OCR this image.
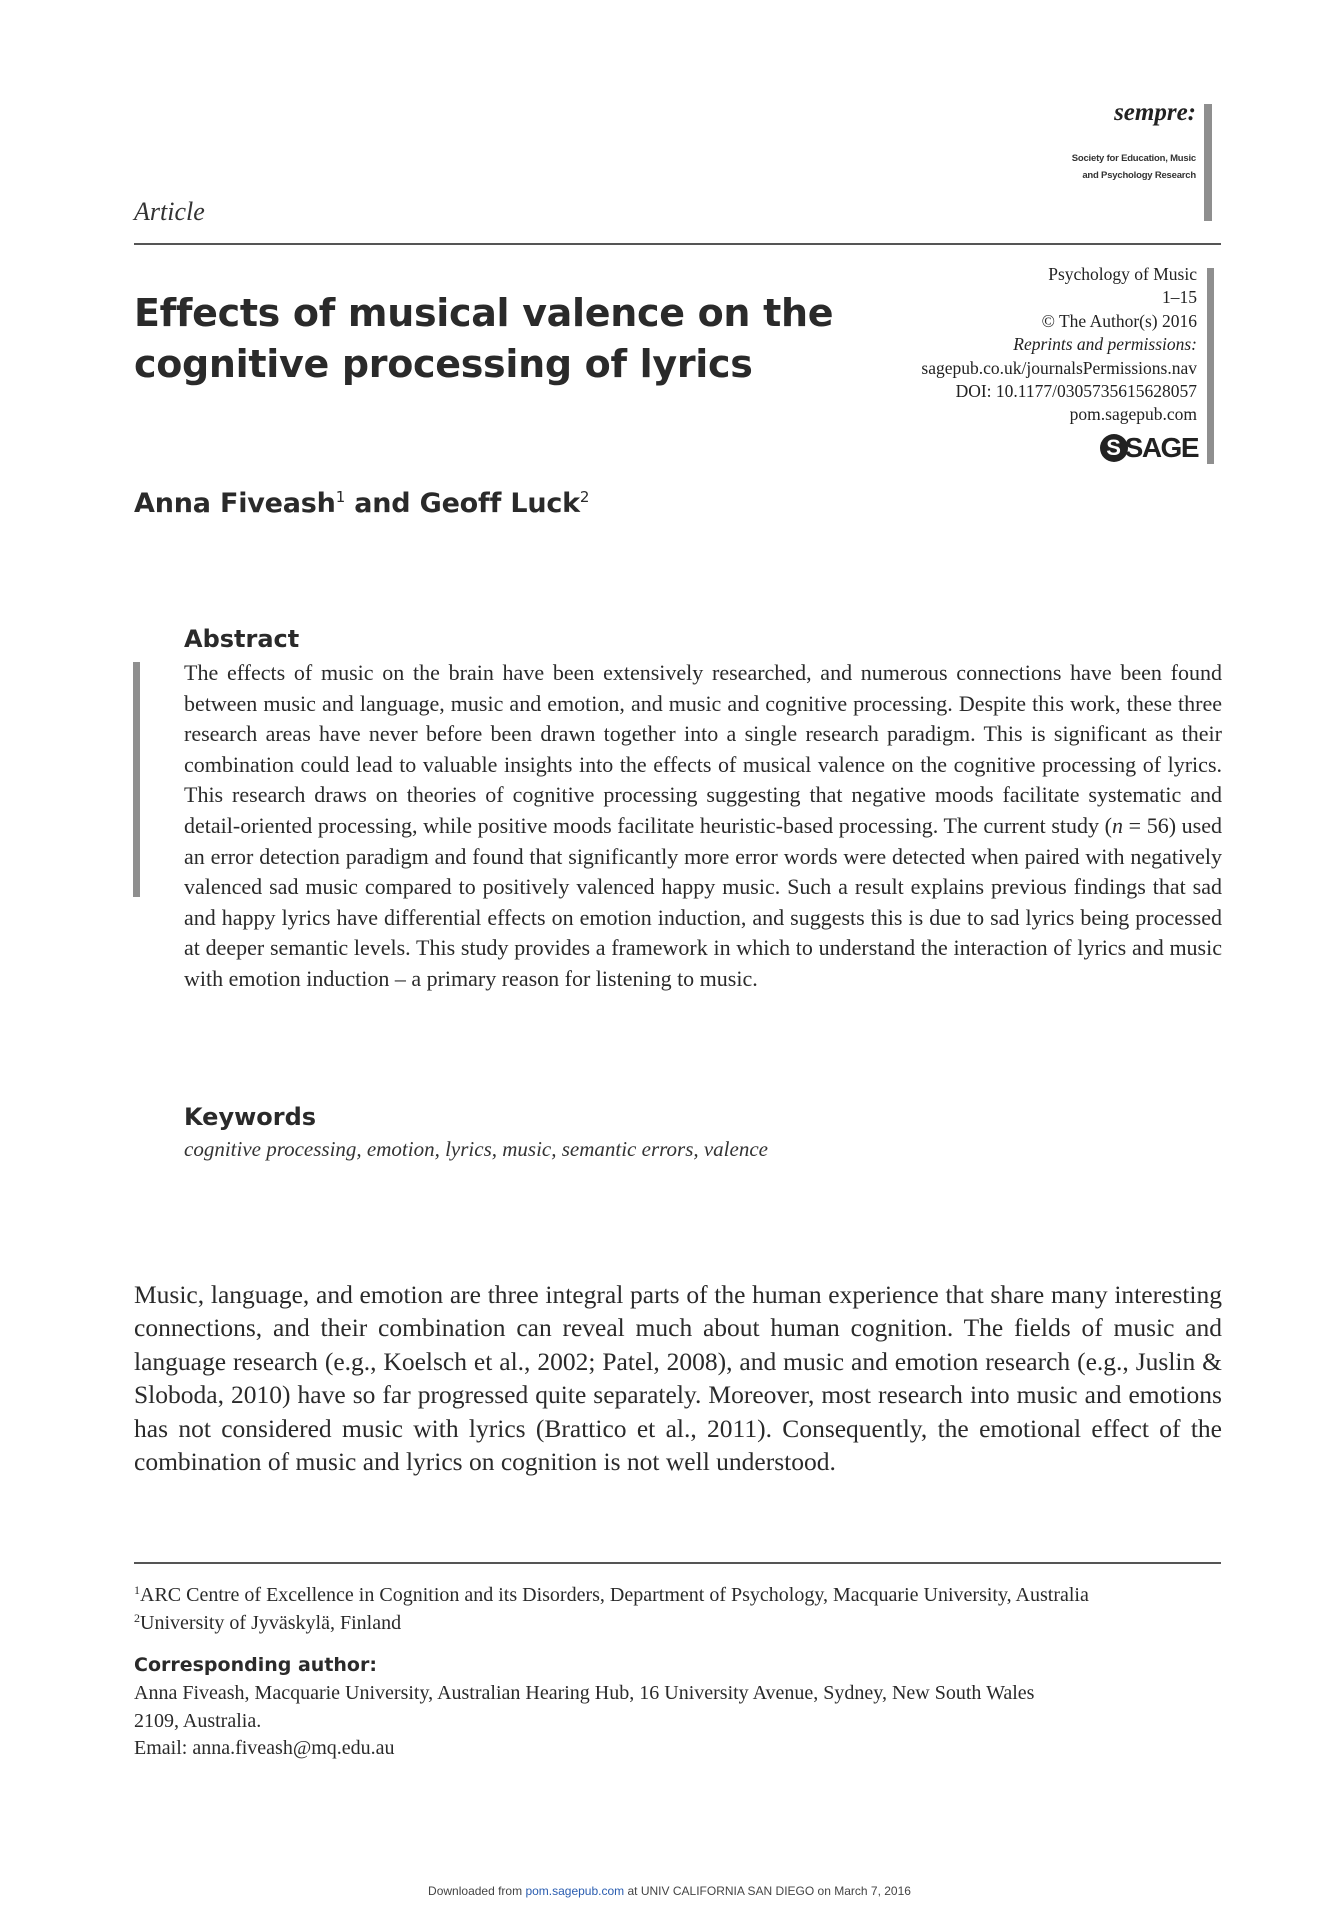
sempre:
Society for Education, Music
and Psychology Research
Article
Effects of musical valence on the
cognitive processing of lyrics
Psychology of Music
1–15
© The Author(s) 2016
Reprints and permissions:
sagepub.co.uk/journalsPermissions.nav
DOI: 10.1177/0305735615628057
pom.sagepub.com
S SAGE
Anna Fiveash$^1$ and Geoff Luck$^2$
Abstract
The effects of music on the brain have been extensively researched, and numerous connections have been found between music and language, music and emotion, and music and cognitive processing. Despite this work, these three research areas have never before been drawn together into a single research paradigm. This is significant as their combination could lead to valuable insights into the effects of musical valence on the cognitive processing of lyrics. This research draws on theories of cognitive processing suggesting that negative moods facilitate systematic and detail-oriented processing, while positive moods facilitate heuristic-based processing. The current study (n = 56) used an error detection paradigm and found that significantly more error words were detected when paired with negatively valenced sad music compared to positively valenced happy music. Such a result explains previous findings that sad and happy lyrics have differential effects on emotion induction, and suggests this is due to sad lyrics being processed at deeper semantic levels. This study provides a framework in which to understand the interaction of lyrics and music with emotion induction – a primary reason for listening to music.
Keywords
cognitive processing, emotion, lyrics, music, semantic errors, valence
Music, language, and emotion are three integral parts of the human experience that share many interesting connections, and their combination can reveal much about human cognition. The fields of music and language research (e.g., Koelsch et al., 2002; Patel, 2008), and music and emotion research (e.g., Juslin & Sloboda, 2010) have so far progressed quite separately. Moreover, most research into music and emotions has not considered music with lyrics (Brattico et al., 2011). Consequently, the emotional effect of the combination of music and lyrics on cognition is not well understood.
$^1$ARC Centre of Excellence in Cognition and its Disorders, Department of Psychology, Macquarie University, Australia
$^2$University of Jyväskylä, Finland
Corresponding author:
Anna Fiveash, Macquarie University, Australian Hearing Hub, 16 University Avenue, Sydney, New South Wales
2109, Australia.
Email: anna.fiveash@mq.edu.au
Downloaded from pom.sagepub.com at UNIV CALIFORNIA SAN DIEGO on March 7, 2016
